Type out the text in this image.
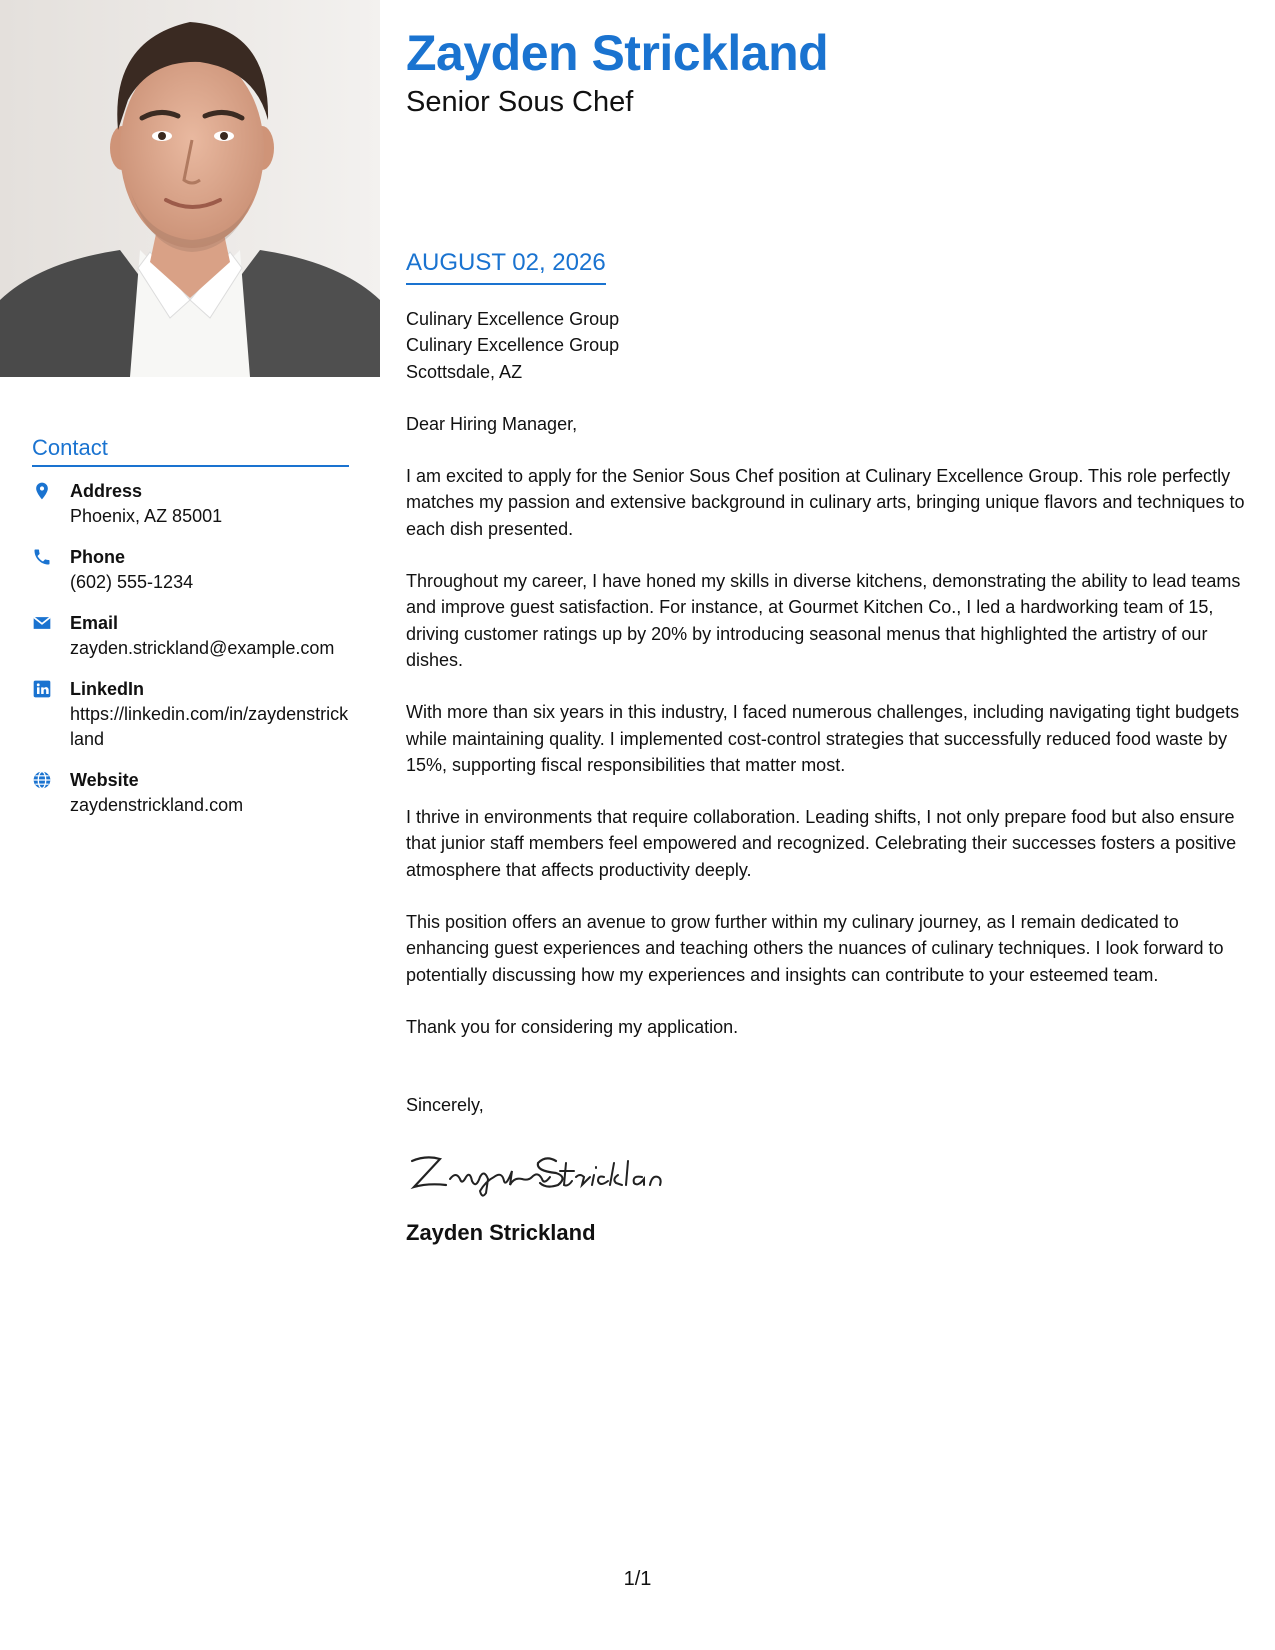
Contact
Address
Phoenix, AZ 85001
Phone
(602) 555-1234
Email
zayden.strickland@example.com
LinkedIn
https://linkedin.com/in/zaydenstrickland
Website
zaydenstrickland.com
Zayden Strickland
Senior Sous Chef
AUGUST 02, 2026
Culinary Excellence Group
Culinary Excellence Group
Scottsdale, AZ

Dear Hiring Manager,

I am excited to apply for the Senior Sous Chef position at Culinary Excellence Group. This role perfectly matches my passion and extensive background in culinary arts, bringing unique flavors and techniques to each dish presented.

Throughout my career, I have honed my skills in diverse kitchens, demonstrating the ability to lead teams and improve guest satisfaction. For instance, at Gourmet Kitchen Co., I led a hardworking team of 15, driving customer ratings up by 20% by introducing seasonal menus that highlighted the artistry of our dishes.

With more than six years in this industry, I faced numerous challenges, including navigating tight budgets while maintaining quality. I implemented cost-control strategies that successfully reduced food waste by 15%, supporting fiscal responsibilities that matter most.

I thrive in environments that require collaboration. Leading shifts, I not only prepare food but also ensure that junior staff members feel empowered and recognized. Celebrating their successes fosters a positive atmosphere that affects productivity deeply.

This position offers an avenue to grow further within my culinary journey, as I remain dedicated to enhancing guest experiences and teaching others the nuances of culinary techniques. I look forward to potentially discussing how my experiences and insights can contribute to your esteemed team.

Thank you for considering my application.

Sincerely,
Zayden Strickland
1/1
